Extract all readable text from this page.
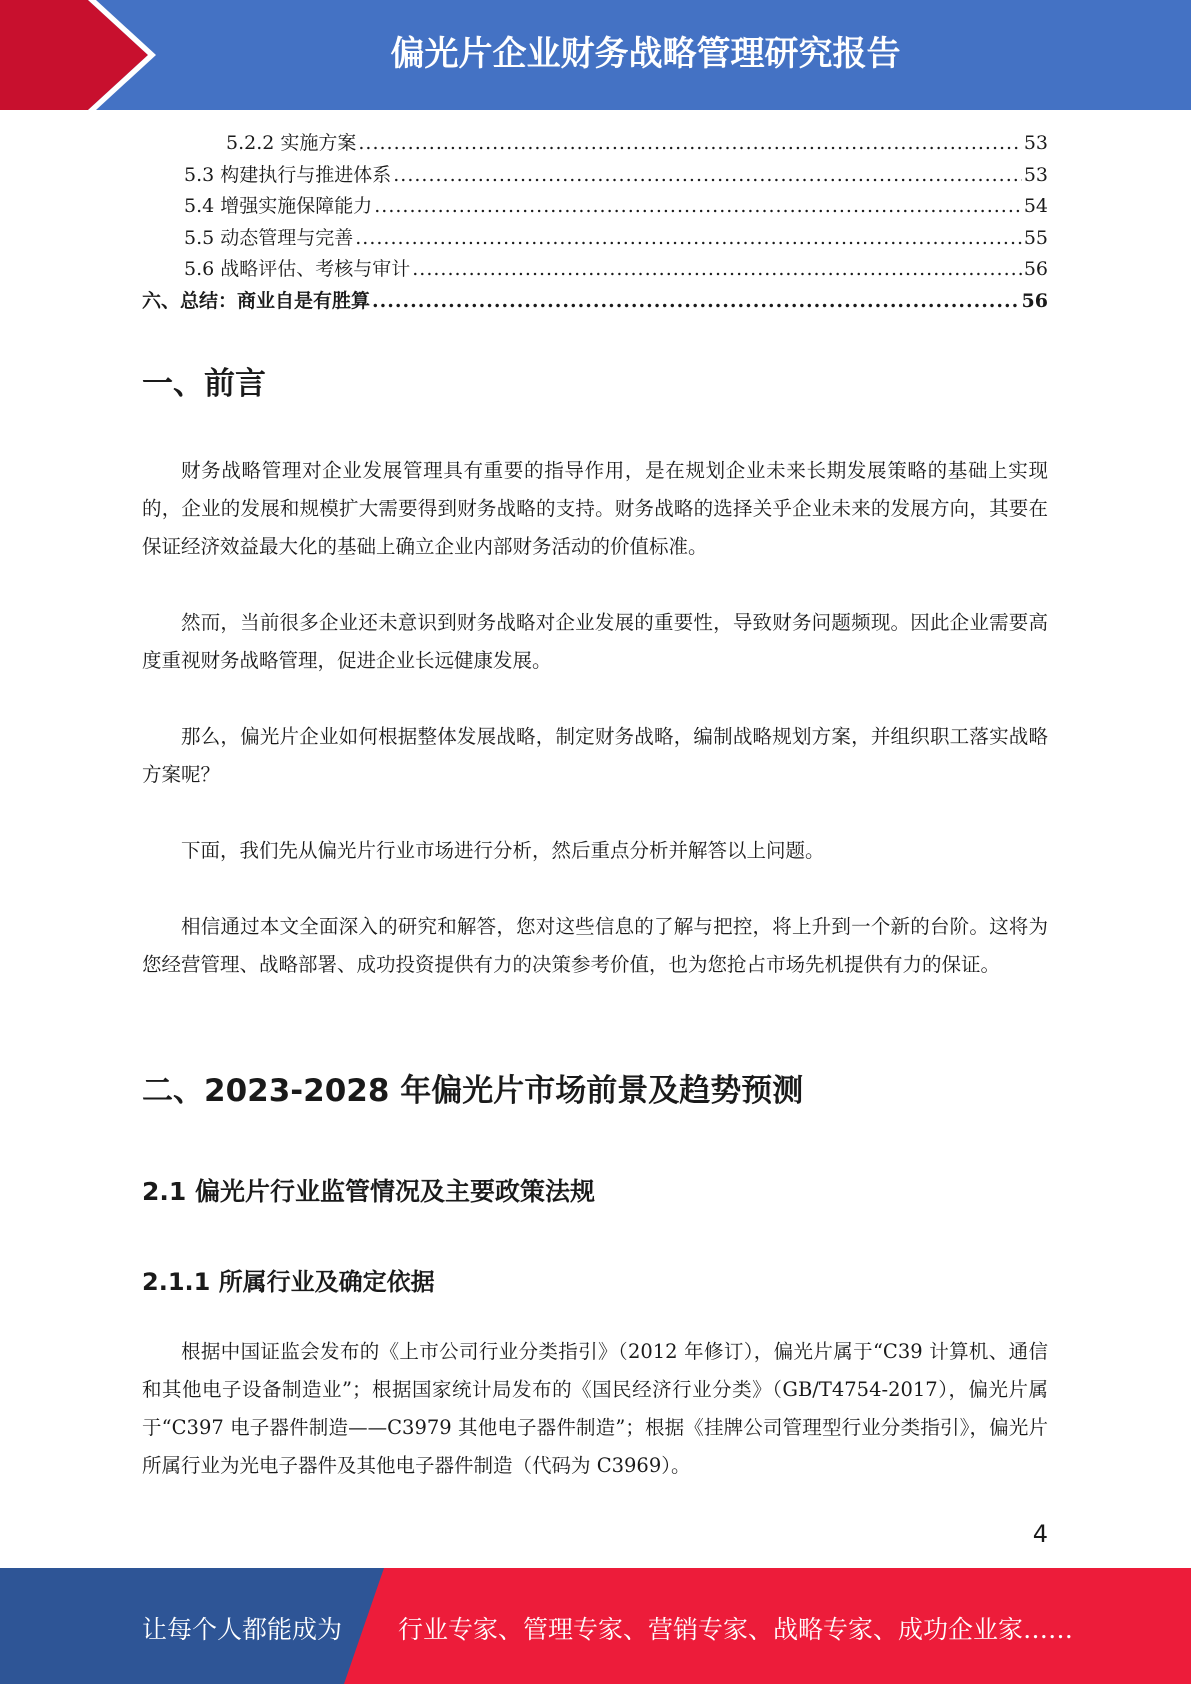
偏光片企业财务战略管理研究报告
5.2.2 实施方案 .....	53
5.3 构建执行与推进体系 .....	53
5.4 增强实施保障能力 .....	54
5.5 动态管理与完善 .....	55
5.6 战略评估、考核与审计 .....	56
六、总结：商业自是有胜算 .....	56
一、前言

财务战略管理对企业发展管理具有重要的指导作用，是在规划企业未来长期发展策略的基础上实现的，企业的发展和规模扩大需要得到财务战略的支持。财务战略的选择关乎企业未来的发展方向，其要在保证经济效益最大化的基础上确立企业内部财务活动的价值标准。

然而，当前很多企业还未意识到财务战略对企业发展的重要性，导致财务问题频现。因此企业需要高度重视财务战略管理，促进企业长远健康发展。

那么，偏光片企业如何根据整体发展战略，制定财务战略，编制战略规划方案，并组织职工落实战略方案呢？

下面，我们先从偏光片行业市场进行分析，然后重点分析并解答以上问题。

相信通过本文全面深入的研究和解答，您对这些信息的了解与把控，将上升到一个新的台阶。这将为您经营管理、战略部署、成功投资提供有力的决策参考价值，也为您抢占市场先机提供有力的保证。

二、2023-2028 年偏光片市场前景及趋势预测
2.1 偏光片行业监管情况及主要政策法规
2.1.1 所属行业及确定依据

根据中国证监会发布的《上市公司行业分类指引》（2012 年修订），偏光片属于“C39 计算机、通信和其他电子设备制造业”；根据国家统计局发布的《国民经济行业分类》（GB/T4754-2017），偏光片属于“C397 电子器件制造——C3979 其他电子器件制造”；根据《挂牌公司管理型行业分类指引》，偏光片所属行业为光电子器件及其他电子器件制造（代码为 C3969）。

4
让每个人都能成为 行业专家、管理专家、营销专家、战略专家、成功企业家……
